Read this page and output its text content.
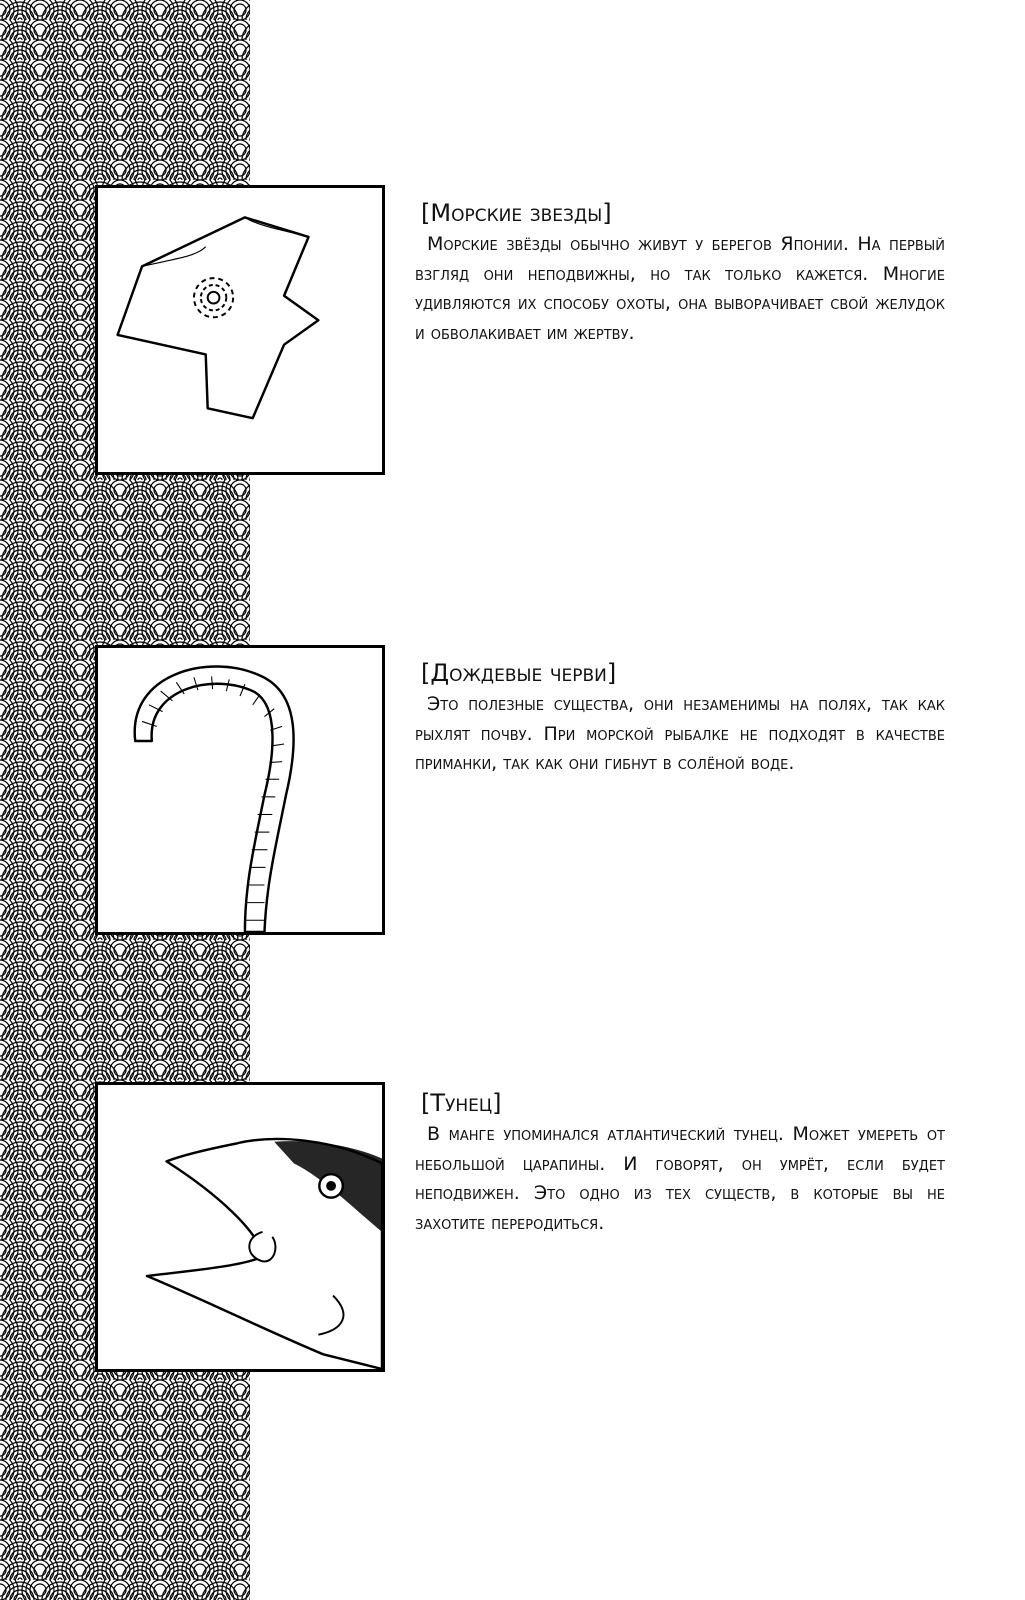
[Морские звезды]

Морские звёзды обычно живут у берегов Японии. На первый взгляд они неподвижны, но так только кажется. Многие удивляются их способу охоты, она выворачивает свой желудок и обволакивает им жертву.

[Дождевые черви]

Это полезные существа, они незаменимы на полях, так как рыхлят почву. При морской рыбалке не подходят в качестве приманки, так как они гибнут в солёной воде.

[Тунец]

В манге упоминался атлантический тунец. Может умереть от небольшой царапины. И говорят, он умрёт, если будет неподвижен. Это одно из тех существ, в которые вы не захотите переродиться.
